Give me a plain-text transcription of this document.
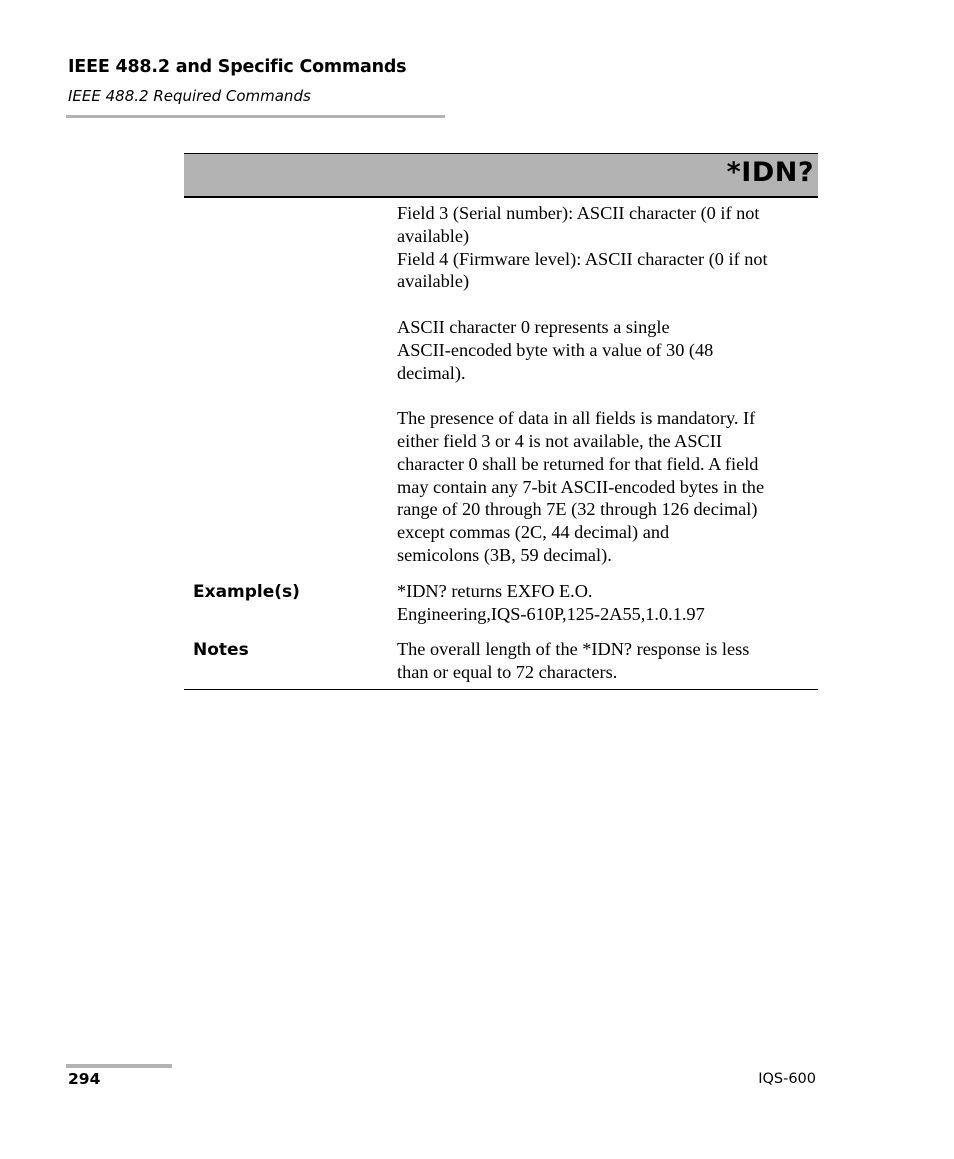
IEEE 488.2 and Specific Commands
IEEE 488.2 Required Commands
*IDN?

Field 3 (Serial number): ASCII character (0 if not

available)

Field 4 (Firmware level): ASCII character (0 if not

available)

ASCII character 0 represents a single

ASCII-encoded byte with a value of 30 (48

decimal).

The presence of data in all fields is mandatory. If

either field 3 or 4 is not available, the ASCII

character 0 shall be returned for that field. A field

may contain any 7-bit ASCII-encoded bytes in the

range of 20 through 7E (32 through 126 decimal)

except commas (2C, 44 decimal) and

semicolons (3B, 59 decimal).

Example(s)	*IDN? returns EXFO E.O.

Engineering,IQS-610P,125-2A55,1.0.1.97

Notes	The overall length of the *IDN? response is less

than or equal to 72 characters.

294	IQS-600
